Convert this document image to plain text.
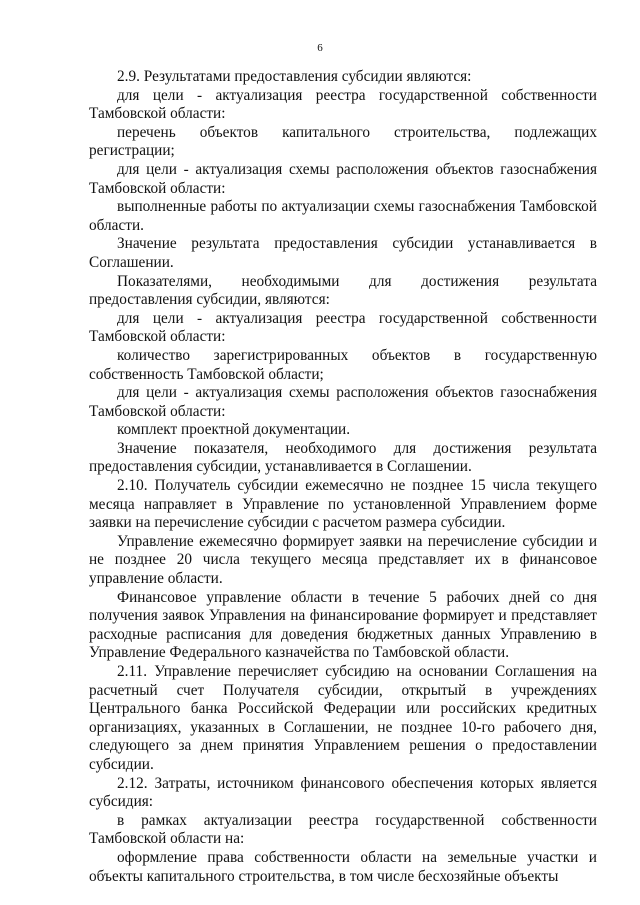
6

2.9. Результатами предоставления субсидии являются:

для цели - актуализация реестра государственной собственности Тамбовской области:

перечень объектов капитального строительства, подлежащих регистрации;

для цели - актуализация схемы расположения объектов газоснабжения Тамбовской области:

выполненные работы по актуализации схемы газоснабжения Тамбовской области.

Значение результата предоставления субсидии устанавливается в Соглашении.

Показателями, необходимыми для достижения результата предоставления субсидии, являются:

для цели - актуализация реестра государственной собственности Тамбовской области:

количество зарегистрированных объектов в государственную собственность Тамбовской области;

для цели - актуализация схемы расположения объектов газоснабжения Тамбовской области:

комплект проектной документации.

Значение показателя, необходимого для достижения результата предоставления субсидии, устанавливается в Соглашении.

2.10. Получатель субсидии ежемесячно не позднее 15 числа текущего месяца направляет в Управление по установленной Управлением форме заявки на перечисление субсидии с расчетом размера субсидии.

Управление ежемесячно формирует заявки на перечисление субсидии и не позднее 20 числа текущего месяца представляет их в финансовое управление области.

Финансовое управление области в течение 5 рабочих дней со дня получения заявок Управления на финансирование формирует и представляет расходные расписания для доведения бюджетных данных Управлению в Управление Федерального казначейства по Тамбовской области.

2.11. Управление перечисляет субсидию на основании Соглашения на расчетный счет Получателя субсидии, открытый в учреждениях Центрального банка Российской Федерации или российских кредитных организациях, указанных в Соглашении, не позднее 10-го рабочего дня, следующего за днем принятия Управлением решения о предоставлении субсидии.

2.12. Затраты, источником финансового обеспечения которых является субсидия:

в рамках актуализации реестра государственной собственности Тамбовской области на:

оформление права собственности области на земельные участки и объекты капитального строительства, в том числе бесхозяйные объекты
